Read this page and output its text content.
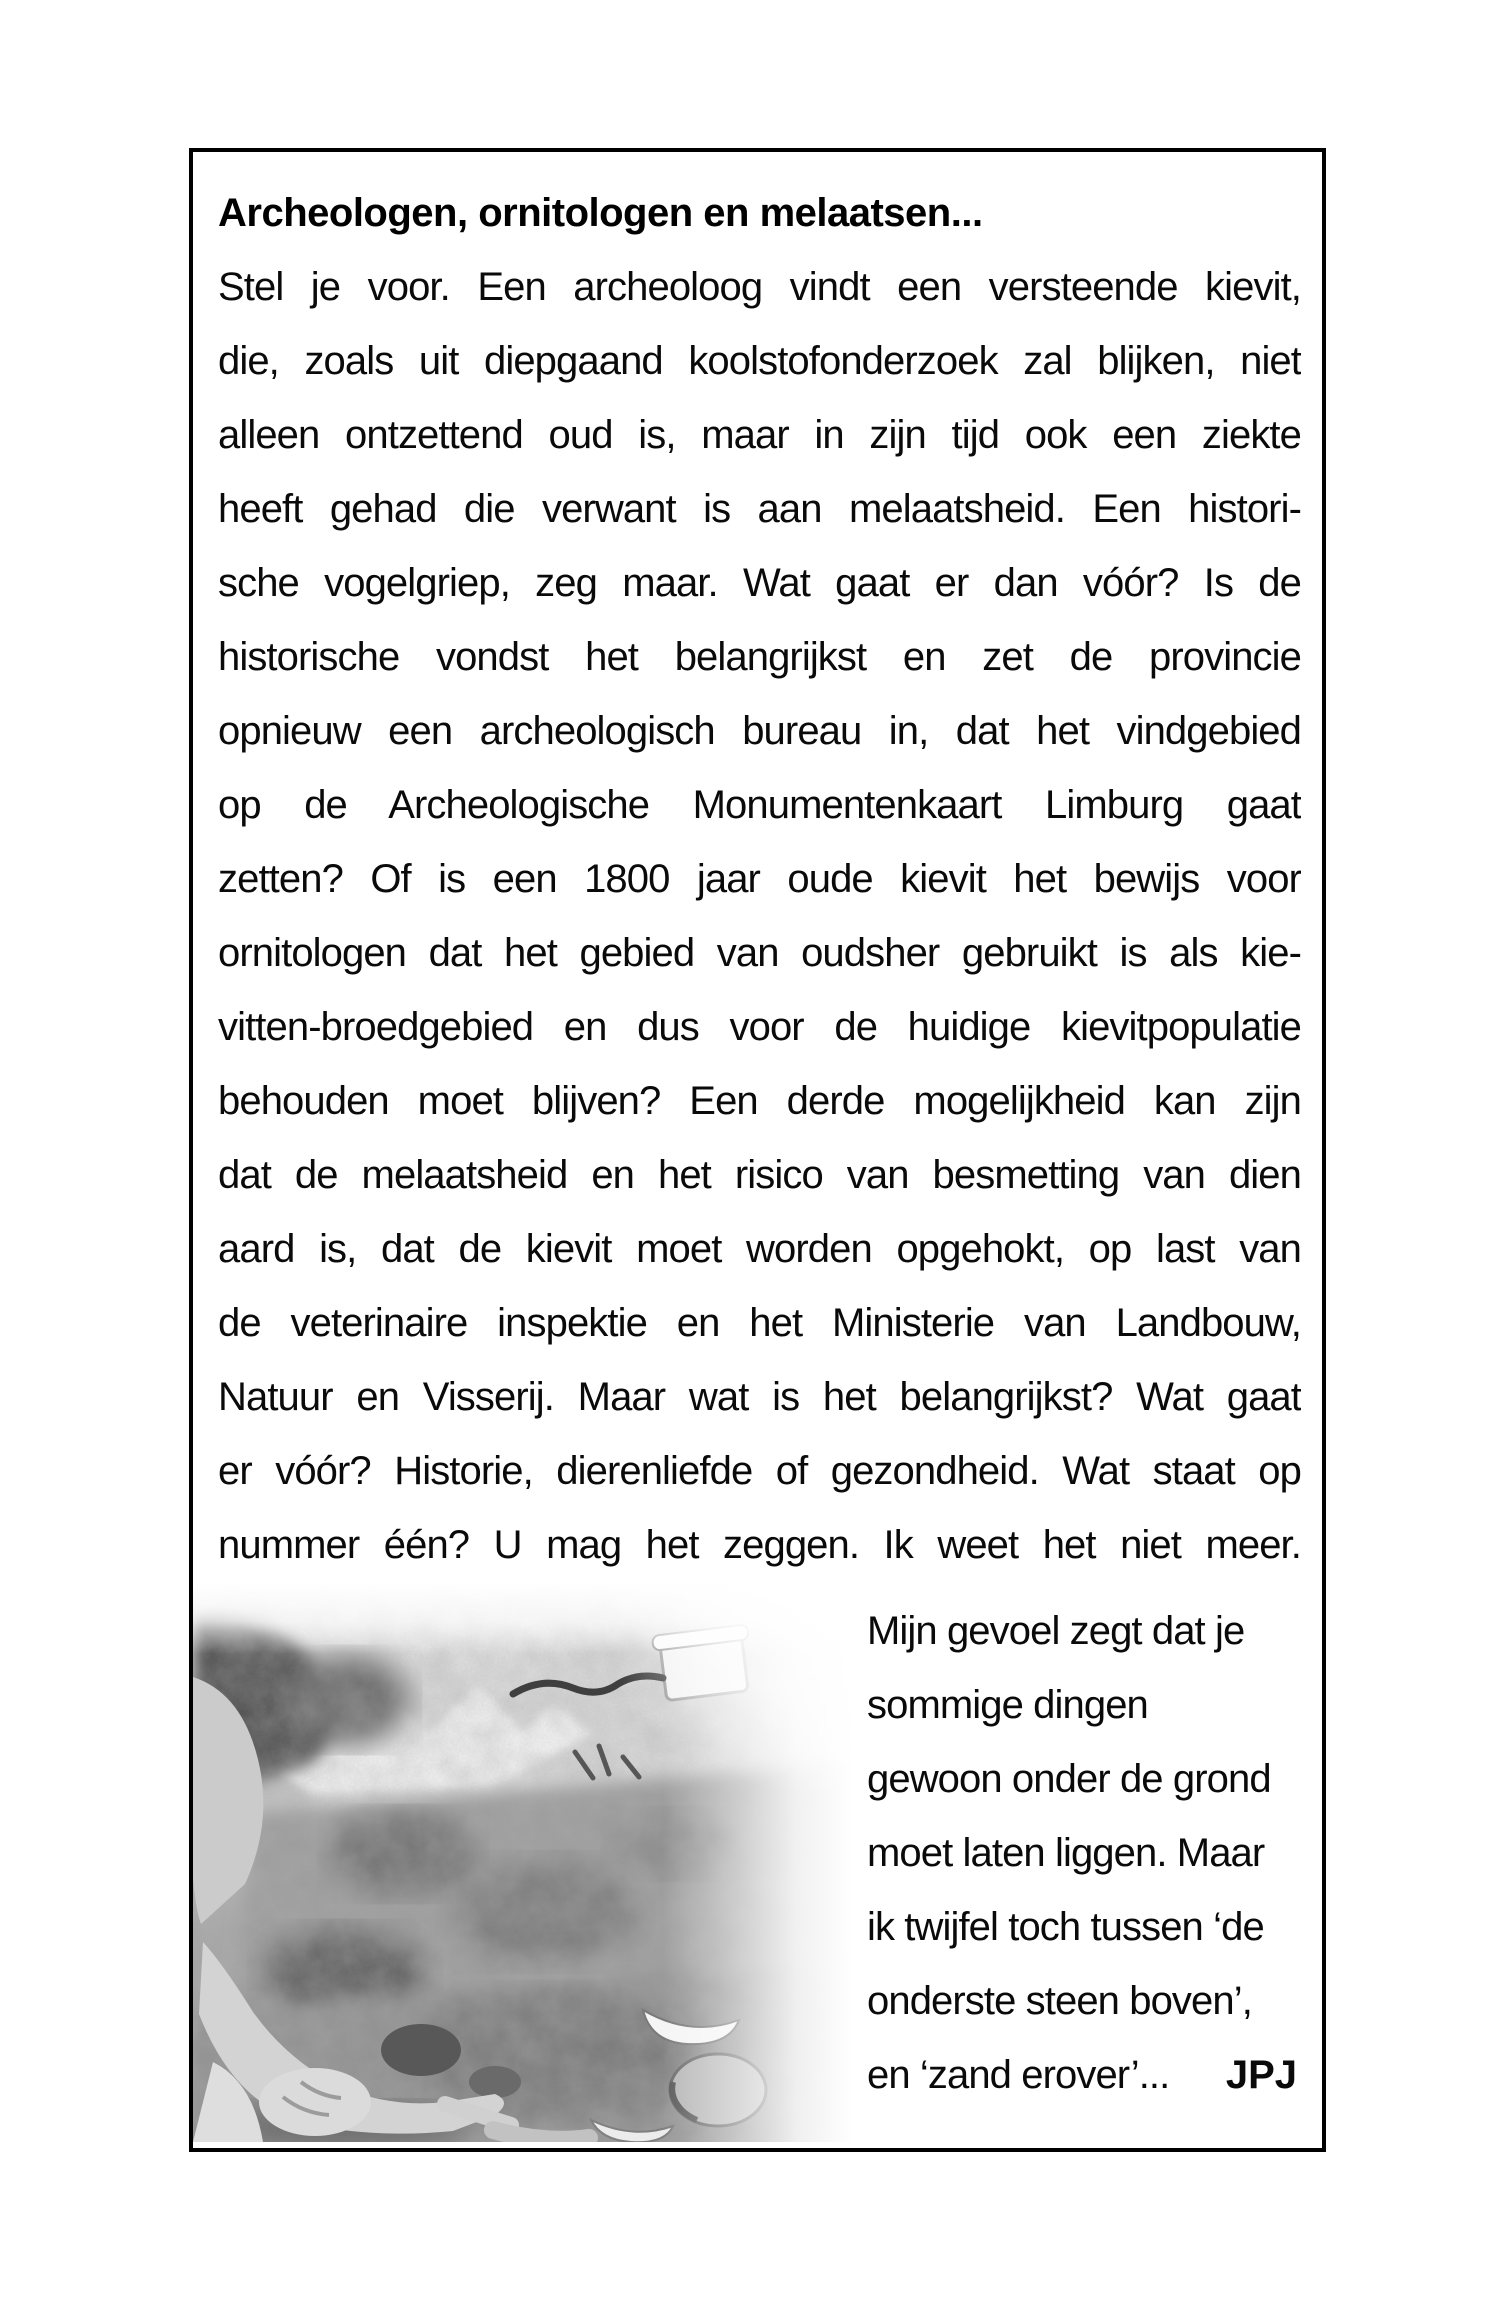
Archeologen, ornitologen en melaatsen...
Stel je voor. Een archeoloog vindt een versteende kievit,
die, zoals uit diepgaand koolstofonderzoek zal blijken, niet
alleen ontzettend oud is, maar in zijn tijd ook een ziekte
heeft gehad die verwant is aan melaatsheid. Een histori-
sche vogelgriep, zeg maar. Wat gaat er dan vóór? Is de
historische vondst het belangrijkst en zet de provincie
opnieuw een archeologisch bureau in, dat het vindgebied
op de Archeologische Monumentenkaart Limburg gaat
zetten? Of is een 1800 jaar oude kievit het bewijs voor
ornitologen dat het gebied van oudsher gebruikt is als kie-
vitten-broedgebied en dus voor de huidige kievitpopulatie
behouden moet blijven? Een derde mogelijkheid kan zijn
dat de melaatsheid en het risico van besmetting van dien
aard is, dat de kievit moet worden opgehokt, op last van
de veterinaire inspektie en het Ministerie van Landbouw,
Natuur en Visserij. Maar wat is het belangrijkst? Wat gaat
er vóór? Historie, dierenliefde of gezondheid. Wat staat op
nummer één? U mag het zeggen. Ik weet het niet meer.
Mijn gevoel zegt dat je
sommige dingen
gewoon onder de grond
moet laten liggen. Maar
ik twijfel toch tussen ‘de
onderste steen boven’,
en ‘zand erover’... JPJ
